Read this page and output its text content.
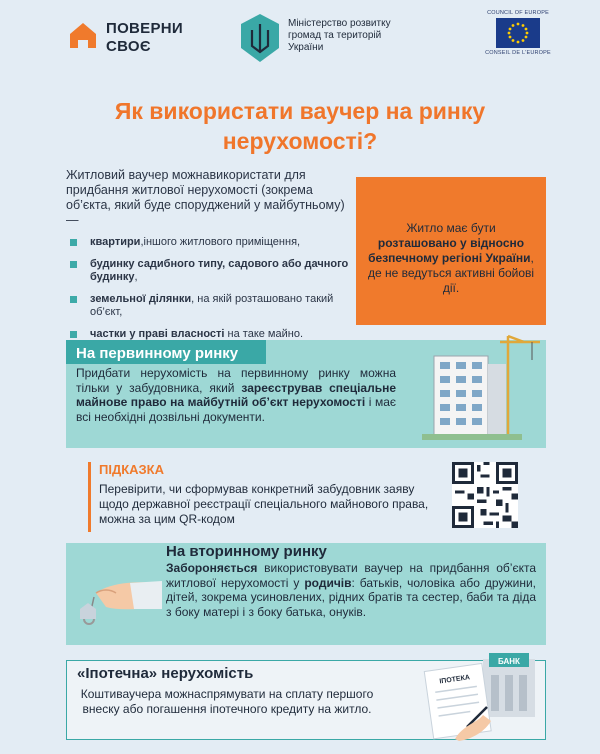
ПОВЕРНИ
СВОЄ
Міністерство розвитку
громад та територій
України
COUNCIL OF EUROPE
CONSEIL DE L'EUROPE
Як використати ваучер на ринку нерухомості?

Житловий ваучер можнавикористати для придбання житлової нерухомості (зокрема об’єкта, який буде споруджений у майбутньому) —

квартири,іншого житлового приміщення,
будинку садибного типу, садового або дачного будинку,
земельної ділянки, на якій розташовано такий об’єкт,
частки у праві власності на таке майно.
Житло має бути розташовано у відносно безпечному регіоні України, де не ведуться активні бойові дії.
На первинному ринку

Придбати нерухомість на первинному ринку можна тільки у забудовника, який зареєстрував спеціальне майнове право на майбутній об’єкт нерухомості і має всі необхідні дозвільні документи.

ПІДКАЗКА
Перевірити, чи сформував конкретний забудовник заяву щодо державної реєстрації спеціального майнового права, можна за цим QR-кодом
На вторинному ринку

Забороняється використовувати ваучер на придбання об’єкта житлової нерухомості у родичів: батьків, чоловіка або дружини, дітей, зокрема усиновлених, рідних братів та сестер, баби та діда з боку матері і з боку батька, онуків.

«Іпотечна» нерухомість

Коштиваучера можнаспрямувати на сплату першого внеску або погашення іпотечного кредиту на житло.

БАНК
ІПОТЕКА
